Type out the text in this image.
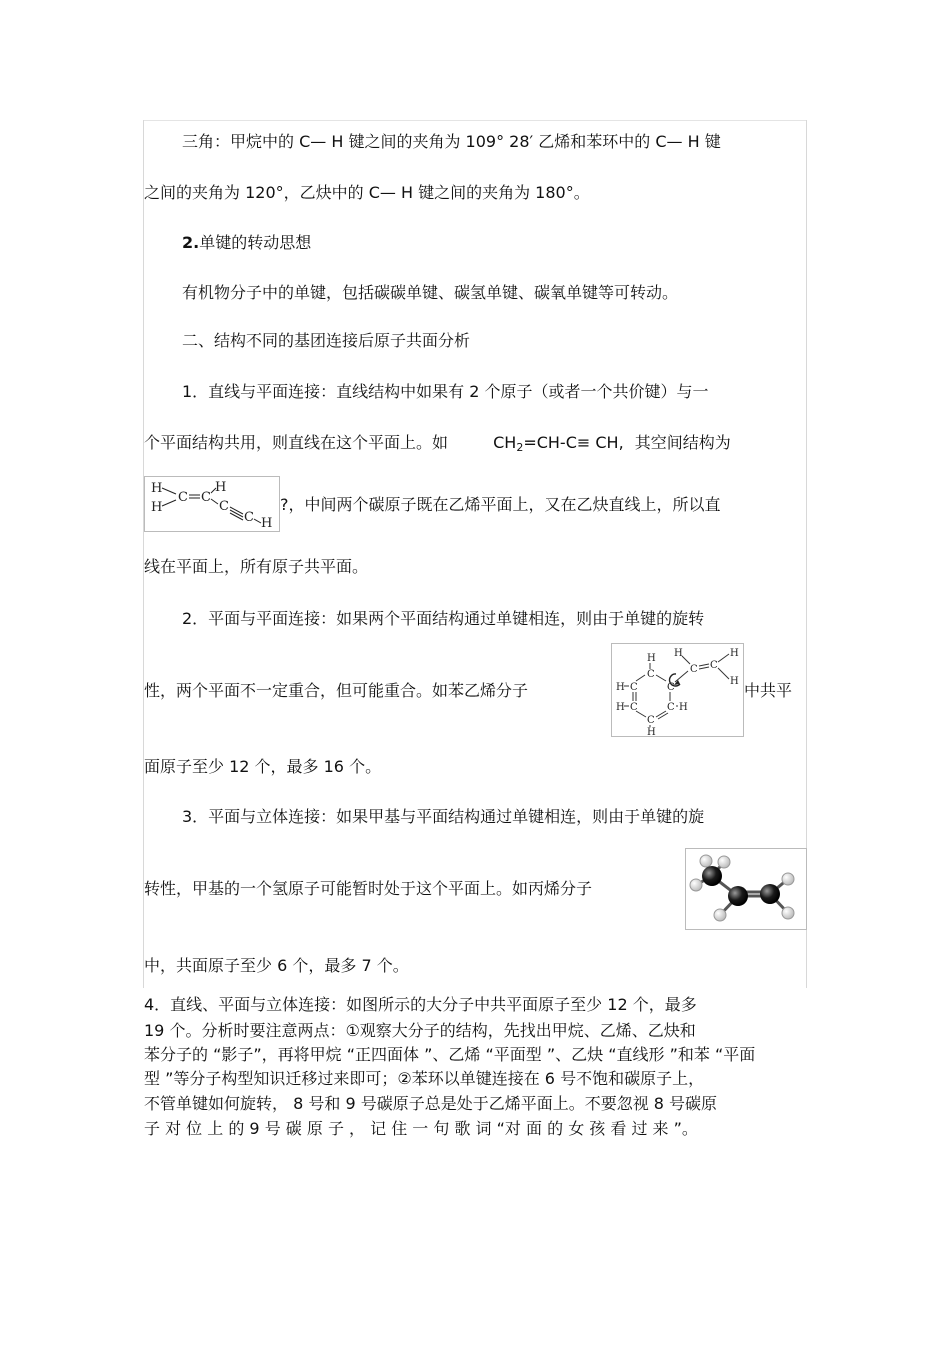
三角：甲烷中的 C— H 键之间的夹角为 109° 28′ 乙烯和苯环中的 C— H 键
之间的夹角为 120°，乙炔中的 C— H 键之间的夹角为 180°。
2.单键的转动思想
有机物分子中的单键，包括碳碳单键、碳氢单键、碳氧单键等可转动。
二、结构不同的基团连接后原子共面分析
1．直线与平面连接：直线结构中如果有 2 个原子（或者一个共价键）与一
个平面结构共用，则直线在这个平面上。如	$CH_2=CH-C\equiv$ CH, 其空间结构为
H
H
C C
H
C
C H
?，中间两个碳原子既在乙烯平面上，又在乙炔直线上，所以直
线在平面上，所有原子共平面。
2．平面与平面连接：如果两个平面结构通过单键相连，则由于单键的旋转
性，两个平面不一定重合，但可能重合。如苯乙烯分子
H
C
H C	C
H C	C H
C
H
H
C C
H
H 中共平
面原子至少 12 个，最多 16 个。
3．平面与立体连接：如果甲基与平面结构通过单键相连，则由于单键的旋
转性，甲基的一个氢原子可能暂时处于这个平面上。如丙烯分子
中，共面原子至少 6 个，最多 7 个。
4．直线、平面与立体连接：如图所示的大分子中共平面原子至少 12 个，最多
19 个。分析时要注意两点：①观察大分子的结构，先找出甲烷、乙烯、乙炔和
苯分子的 “影子”，再将甲烷 “正四面体 ”、乙烯 “平面型 ”、乙炔 “直线形 ”和苯 “平面
型 ”等分子构型知识迁移过来即可；②苯环以单键连接在 6 号不饱和碳原子上，
不管单键如何旋转， 8 号和 9 号碳原子总是处于乙烯平面上。不要忽视 8 号碳原
子 对 位 上 的 9 号 碳 原 子 ， 记 住 一 句 歌 词 “对 面 的 女 孩 看 过 来 ”。
